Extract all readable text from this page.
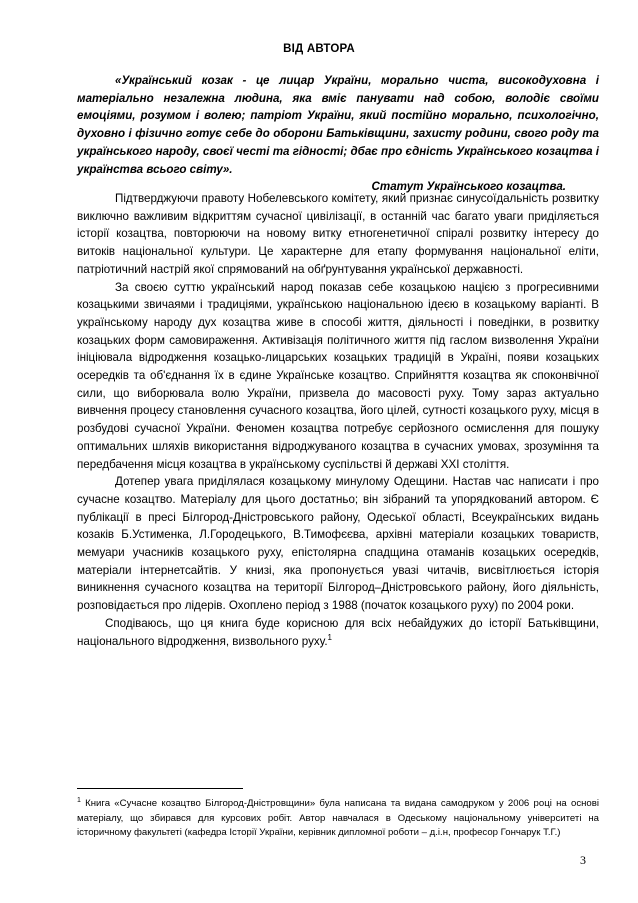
ВІД АВТОРА
«Український козак - це лицар України, морально чиста, високодуховна і матеріально незалежна людина, яка вміє панувати над собою, володіє своїми емоціями, розумом і волею; патріот України, який постійно морально, психологічно, духовно і фізично готує себе до оборони Батьківщини, захисту родини, свого роду та українського народу, своєї честі та гідності; дбає про єдність Українського козацтва і українства всього світу».
Статут Українського козацтва.

Підтверджуючи правоту Нобелевського комітету, який признає синусоїдальність розвитку виключно важливим відкриттям сучасної цивілізації, в останній час багато уваги приділяється історії козацтва, повторюючи на новому витку етногенетичної спіралі розвитку інтересу до витоків національної культури. Це характерне для етапу формування національної еліти, патріотичний настрій якої спрямований на обґрунтування української державності.

За своєю суттю український народ показав себе козацькою нацією з прогресивними козацькими звичаями і традиціями, українською національною ідеєю в козацькому варіанті. В українському народу дух козацтва живе в способі життя, діяльності і поведінки, в розвитку козацьких форм самовираження. Активізація політичного життя під гаслом визволення України ініціювала відродження козацько-лицарських козацьких традицій в Україні, появи козацьких осередків та об'єднання їх в єдине Українське козацтво. Сприйняття козацтва як споконвічної сили, що виборювала волю України, призвела до масовості руху. Тому зараз актуально вивчення процесу становлення сучасного козацтва, його цілей, сутності козацького руху, місця в розбудові сучасної України. Феномен козацтва потребує серйозного осмислення для пошуку оптимальних шляхів використання відроджуваного козацтва в сучасних умовах, зрозуміння та передбачення місця козацтва в українському суспільстві й державі XXI століття.

Дотепер увага приділялася козацькому минулому Одещини. Настав час написати і про сучасне козацтво. Матеріалу для цього достатньо; він зібраний та упорядкований автором. Є публікації в пресі Білгород-Дністровського району, Одеської області, Всеукраїнських видань козаків Б.Устименка, Л.Городецького, В.Тимофєєва, архівні матеріали козацьких товариств, мемуари учасників козацького руху, епістолярна спадщина отаманів козацьких осередків, матеріали інтернетсайтів. У книзі, яка пропонується увазі читачів, висвітлюється історія виникнення сучасного козацтва на території Білгород–Дністровського району, його діяльність, розповідається про лідерів. Охоплено період з 1988 (початок козацького руху) по 2004 роки.

Сподіваюсь, що ця книга буде корисною для всіх небайдужих до історії Батьківщини, національного відродження, визвольного руху.$^1$

$^1$ Книга «Сучасне козацтво Білгород-Дністровщини» була написана та видана самодруком у 2006 році на основі матеріалу, що збирався для курсових робіт. Автор навчалася в Одеському національному університеті на історичному факультеті (кафедра Історії України, керівник дипломної роботи – д.і.н, професор Гончарук Т.Г.)
3
